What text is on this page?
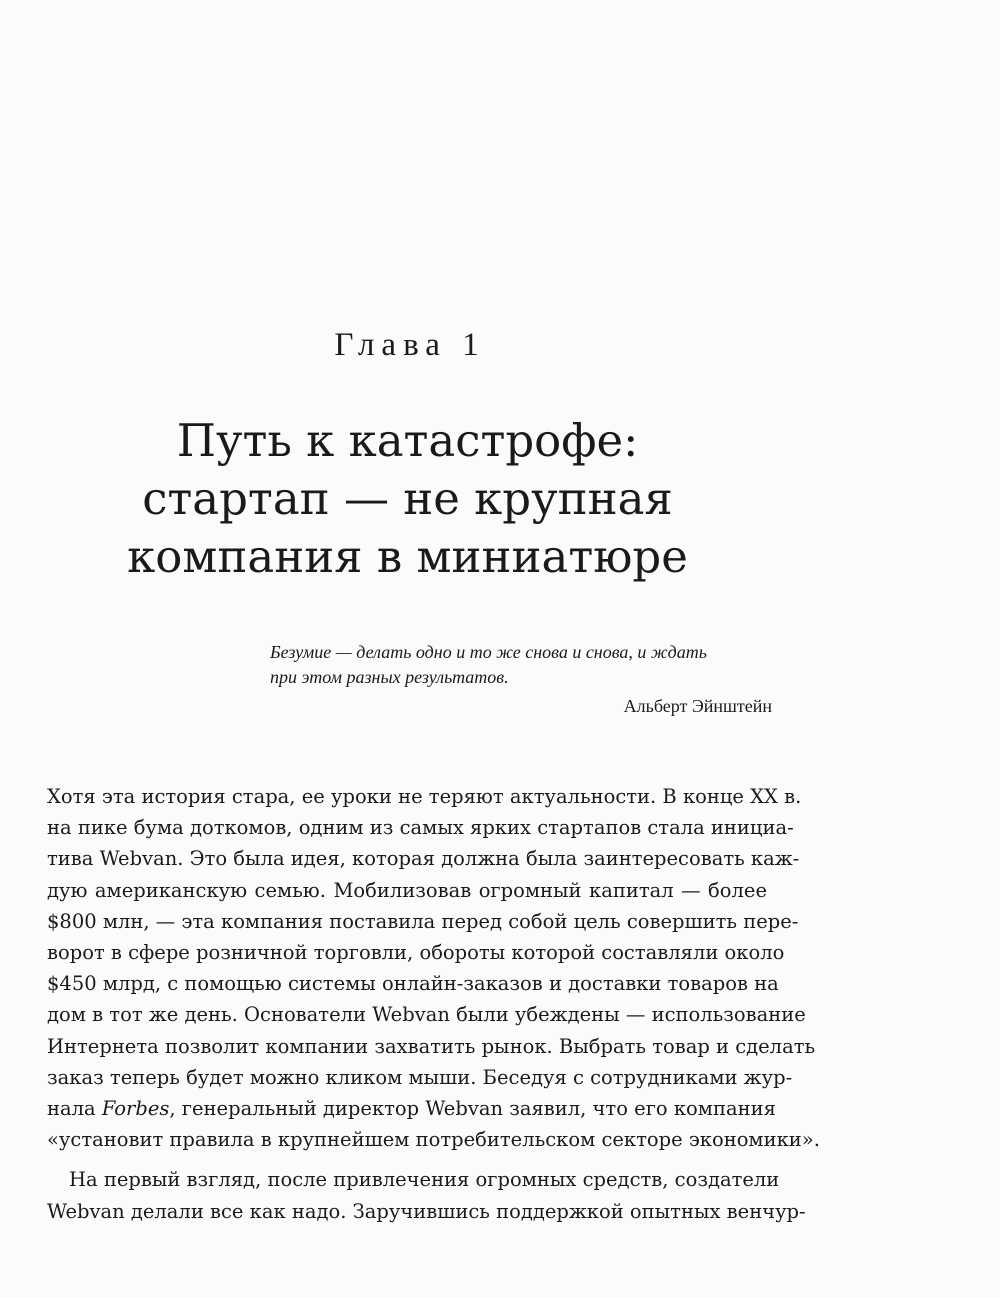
Глава 1
Путь к катастрофе:
стартап — не крупная
компания в миниатюре
Безумие — делать одно и то же снова и снова, и ждать
при этом разных результатов.
Альберт Эйнштейн
Хотя эта история стара, ее уроки не теряют актуальности. В конце XX в.
на пике бума доткомов, одним из самых ярких стартапов стала инициа-
тива Webvan. Это была идея, которая должна была заинтересовать каж-
дую американскую семью. Мобилизовав огромный капитал — более
$800 млн, — эта компания поставила перед собой цель совершить пере-
ворот в сфере розничной торговли, обороты которой составляли около
$450 млрд, с помощью системы онлайн-заказов и доставки товаров на
дом в тот же день. Основатели Webvan были убеждены — использование
Интернета позволит компании захватить рынок. Выбрать товар и сделать
заказ теперь будет можно кликом мыши. Беседуя с сотрудниками жур-
нала Forbes, генеральный директор Webvan заявил, что его компания
«установит правила в крупнейшем потребительском секторе экономики».
На первый взгляд, после привлечения огромных средств, создатели
Webvan делали все как надо. Заручившись поддержкой опытных венчур-
